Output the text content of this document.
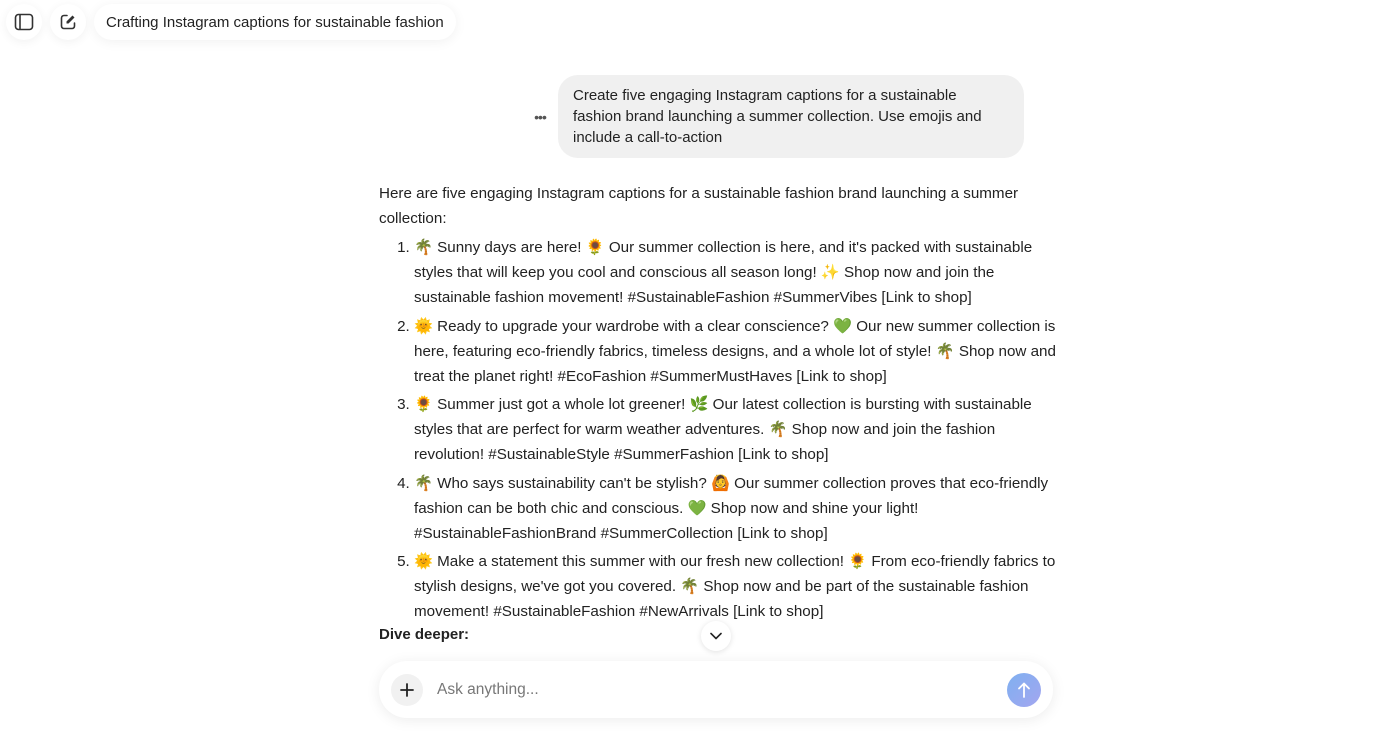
Crafting Instagram captions for sustainable fashion
•••
Create five engaging Instagram captions for a sustainable fashion brand launching a summer collection. Use emojis and include a call-to-action

Here are five engaging Instagram captions for a sustainable fashion brand launching a summer collection:

1. 🌴 Sunny days are here! 🌻 Our summer collection is here, and it's packed with sustainable styles that will keep you cool and conscious all season long! ✨ Shop now and join the sustainable fashion movement! #SustainableFashion #SummerVibes [Link to shop]
2. 🌞 Ready to upgrade your wardrobe with a clear conscience? 💚 Our new summer collection is here, featuring eco-friendly fabrics, timeless designs, and a whole lot of style! 🌴 Shop now and treat the planet right! #EcoFashion #SummerMustHaves [Link to shop]
3. 🌻 Summer just got a whole lot greener! 🌿 Our latest collection is bursting with sustainable styles that are perfect for warm weather adventures. 🌴 Shop now and join the fashion revolution! #SustainableStyle #SummerFashion [Link to shop]
4. 🌴 Who says sustainability can't be stylish? 🙆 Our summer collection proves that eco-friendly fashion can be both chic and conscious. 💚 Shop now and shine your light! #SustainableFashionBrand #SummerCollection [Link to shop]
5. 🌞 Make a statement this summer with our fresh new collection! 🌻 From eco-friendly fabrics to stylish designs, we've got you covered. 🌴 Shop now and be part of the sustainable fashion movement! #SustainableFashion #NewArrivals [Link to shop]
Dive deeper:
Ask anything...
